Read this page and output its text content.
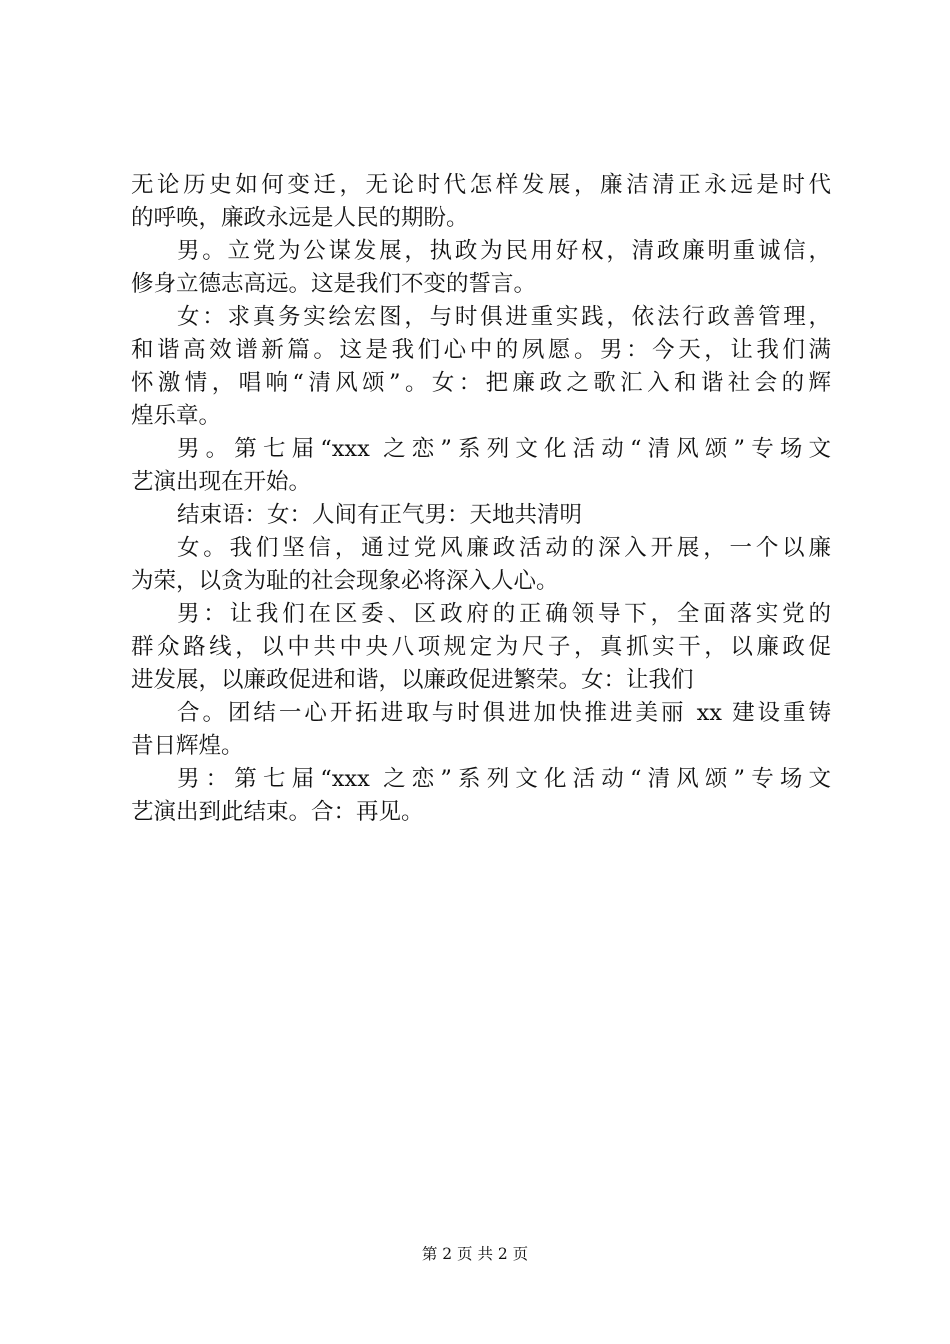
无论历史如何变迁，无论时代怎样发展，廉洁清正永远是时代
的呼唤，廉政永远是人民的期盼。
男。立党为公谋发展，执政为民用好权，清政廉明重诚信，
修身立德志高远。这是我们不变的誓言。
女：求真务实绘宏图，与时俱进重实践，依法行政善管理，
和谐高效谱新篇。这是我们心中的夙愿。男：今天，让我们满
怀激情，唱响“清风颂”。女：把廉政之歌汇入和谐社会的辉
煌乐章。
男。第七届“xxx 之恋”系列文化活动“清风颂”专场文
艺演出现在开始。
结束语：女：人间有正气男：天地共清明
女。我们坚信，通过党风廉政活动的深入开展，一个以廉
为荣，以贪为耻的社会现象必将深入人心。
男：让我们在区委、区政府的正确领导下，全面落实党的
群众路线，以中共中央八项规定为尺子，真抓实干，以廉政促
进发展，以廉政促进和谐，以廉政促进繁荣。女：让我们
合。团结一心开拓进取与时俱进加快推进美丽 xx 建设重铸
昔日辉煌。
男：第七届“xxx 之恋”系列文化活动“清风颂”专场文
艺演出到此结束。合：再见。
第 2 页 共 2 页
